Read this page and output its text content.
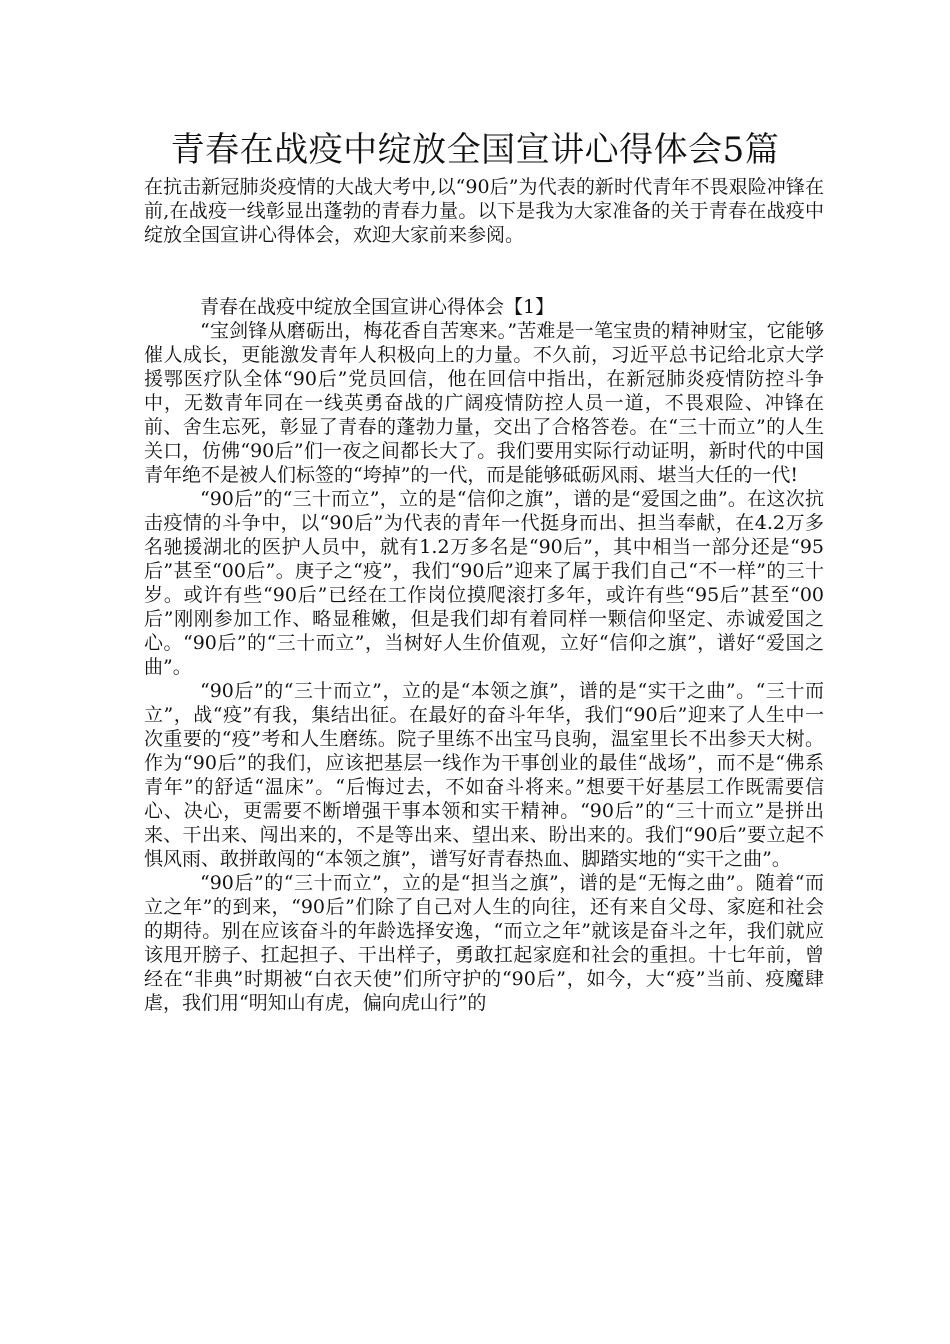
青春在战疫中绽放全国宣讲心得体会5篇
在抗击新冠肺炎疫情的大战大考中,以“90后”为代表的新时代青年不畏艰险冲锋在前,在战疫一线彰显出蓬勃的青春力量。以下是我为大家准备的关于青春在战疫中绽放全国宣讲心得体会，欢迎大家前来参阅。

青春在战疫中绽放全国宣讲心得体会【1】

“宝剑锋从磨砺出，梅花香自苦寒来。”苦难是一笔宝贵的精神财宝，它能够催人成长，更能激发青年人积极向上的力量。不久前，习近平总书记给北京大学援鄂医疗队全体“90后”党员回信，他在回信中指出，在新冠肺炎疫情防控斗争中，无数青年同在一线英勇奋战的广阔疫情防控人员一道，不畏艰险、冲锋在前、舍生忘死，彰显了青春的蓬勃力量，交出了合格答卷。在“三十而立”的人生关口，仿佛“90后”们一夜之间都长大了。我们要用实际行动证明，新时代的中国青年绝不是被人们标签的“垮掉”的一代，而是能够砥砺风雨、堪当大任的一代!

“90后”的“三十而立”，立的是“信仰之旗”，谱的是“爱国之曲”。在这次抗击疫情的斗争中，以“90后”为代表的青年一代挺身而出、担当奉献，在4.2万多名驰援湖北的医护人员中，就有1.2万多名是“90后”，其中相当一部分还是“95后”甚至“00后”。庚子之“疫”，我们“90后”迎来了属于我们自己“不一样”的三十岁。或许有些“90后”已经在工作岗位摸爬滚打多年，或许有些“95后”甚至“00后”刚刚参加工作、略显稚嫩，但是我们却有着同样一颗信仰坚定、赤诚爱国之心。“90后”的“三十而立”，当树好人生价值观，立好“信仰之旗”，谱好“爱国之曲”。

“90后”的“三十而立”，立的是“本领之旗”，谱的是“实干之曲”。“三十而立”，战“疫”有我，集结出征。在最好的奋斗年华，我们“90后”迎来了人生中一次重要的“疫”考和人生磨练。院子里练不出宝马良驹，温室里长不出参天大树。作为“90后”的我们，应该把基层一线作为干事创业的最佳“战场”，而不是“佛系青年”的舒适“温床”。“后悔过去，不如奋斗将来。”想要干好基层工作既需要信心、决心，更需要不断增强干事本领和实干精神。“90后”的“三十而立”是拼出来、干出来、闯出来的，不是等出来、望出来、盼出来的。我们“90后”要立起不惧风雨、敢拼敢闯的“本领之旗”，谱写好青春热血、脚踏实地的“实干之曲”。

“90后”的“三十而立”，立的是“担当之旗”，谱的是“无悔之曲”。随着“而立之年”的到来，“90后”们除了自己对人生的向往，还有来自父母、家庭和社会的期待。别在应该奋斗的年龄选择安逸，“而立之年”就该是奋斗之年，我们就应该甩开膀子、扛起担子、干出样子，勇敢扛起家庭和社会的重担。十七年前，曾经在“非典”时期被“白衣天使”们所守护的“90后”，如今，大“疫”当前、疫魔肆虐，我们用“明知山有虎，偏向虎山行”的
